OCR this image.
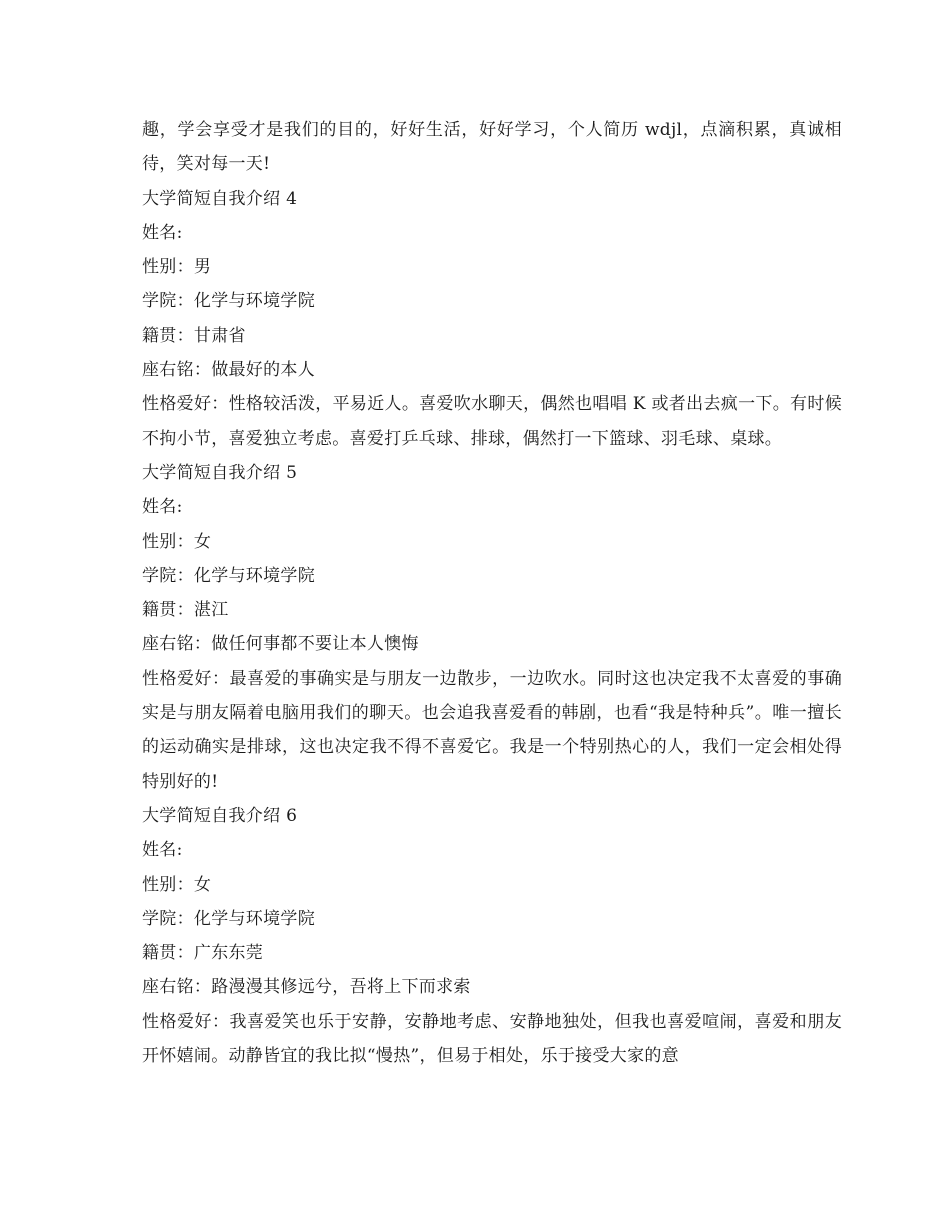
趣，学会享受才是我们的目的，好好生活，好好学习，个人简历 wdjl，点滴积累，真诚相待，笑对每一天!
大学简短自我介绍 4
姓名:
性别：男
学院：化学与环境学院
籍贯：甘肃省
座右铭：做最好的本人
性格爱好：性格较活泼，平易近人。喜爱吹水聊天，偶然也唱唱 K 或者出去疯一下。有时候不拘小节，喜爱独立考虑。喜爱打乒乓球、排球，偶然打一下篮球、羽毛球、桌球。
大学简短自我介绍 5
姓名:
性别：女
学院：化学与环境学院
籍贯：湛江
座右铭：做任何事都不要让本人懊悔
性格爱好：最喜爱的事确实是与朋友一边散步，一边吹水。同时这也决定我不太喜爱的事确实是与朋友隔着电脑用我们的聊天。也会追我喜爱看的韩剧，也看“我是特种兵”。唯一擅长的运动确实是排球，这也决定我不得不喜爱它。我是一个特别热心的人，我们一定会相处得特别好的!
大学简短自我介绍 6
姓名:
性别：女
学院：化学与环境学院
籍贯：广东东莞
座右铭：路漫漫其修远兮，吾将上下而求索
性格爱好：我喜爱笑也乐于安静，安静地考虑、安静地独处，但我也喜爱喧闹，喜爱和朋友开怀嬉闹。动静皆宜的我比拟“慢热”，但易于相处，乐于接受大家的意
